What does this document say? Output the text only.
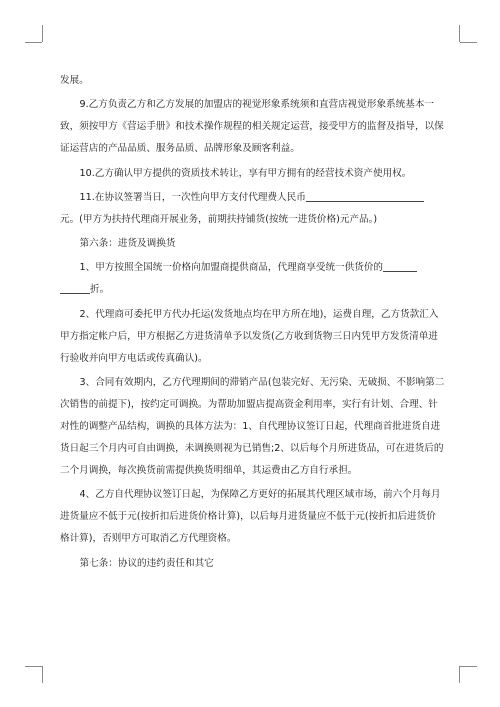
发展。

9.乙方负责乙方和乙方发展的加盟店的视觉形象系统须和直营店视觉形象系统基本一致，须按甲方《营运手册》和技术操作规程的相关规定运营，接受甲方的监督及指导，以保证运营店的产品品质、服务品质、品牌形象及顾客利益。

10.乙方确认甲方提供的资质技术转让，享有甲方拥有的经营技术资产使用权。

11.在协议签署当日，一次性向甲方支付代理费人民币
元。(甲方为扶持代理商开展业务，前期扶持铺货(按统一进货价格)元产品。)

第六条：进货及调换货

1、甲方按照全国统一价格向加盟商提供商品，代理商享受统一供货价的
折。

2、代理商可委托甲方代办托运(发货地点均在甲方所在地)，运费自理，乙方货款汇入甲方指定帐户后，甲方根据乙方进货清单予以发货(乙方收到货物三日内凭甲方发货清单进行验收并向甲方电话或传真确认)。

3、合同有效期内，乙方代理期间的滞销产品(包装完好、无污染、无破损、不影响第二次销售的前提下)，按约定可调换。为帮助加盟店提高资金利用率，实行有计划、合理、针对性的调整产品结构，调换的具体方法为：1、自代理协议签订日起，代理商首批进货自进货日起三个月内可自由调换，未调换则视为已销售;2、以后每个月所进货品，可在进货后的二个月调换，每次换货前需提供换货明细单，其运费由乙方自行承担。

4、乙方自代理协议签订日起，为保障乙方更好的拓展其代理区域市场，前六个月每月进货量应不低于元(按折扣后进货价格计算)，以后每月进货量应不低于元(按折扣后进货价格计算)，否则甲方可取消乙方代理资格。

第七条：协议的违约责任和其它
